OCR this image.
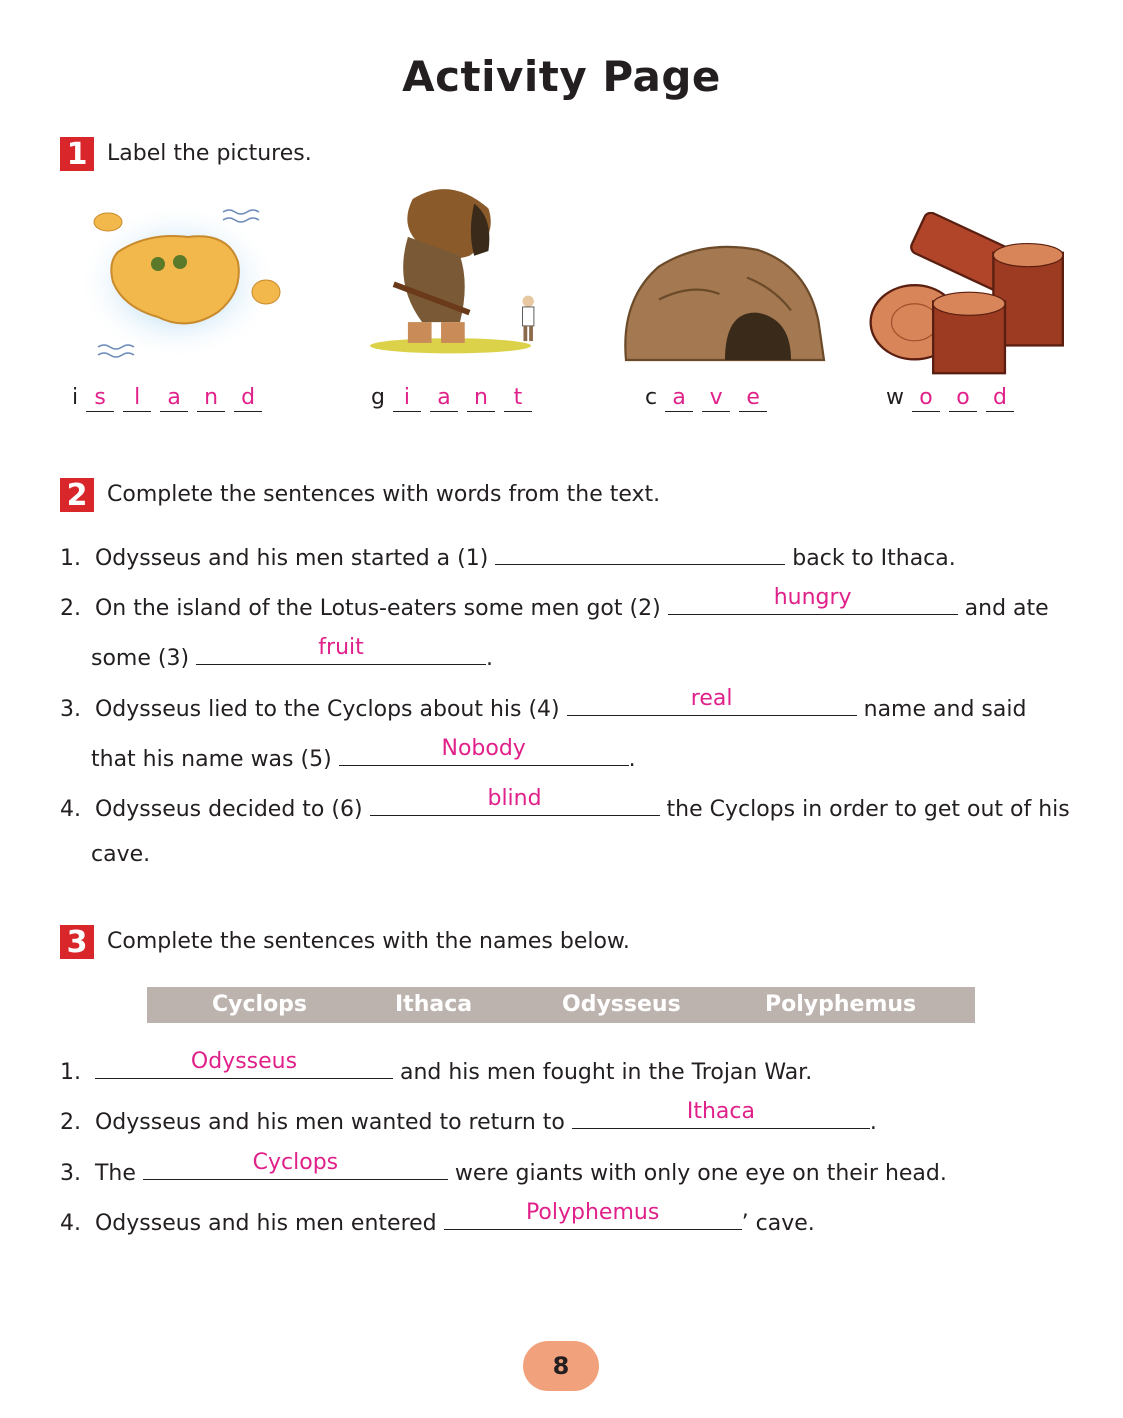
Activity Page
1 Label the pictures.
i s l a n d	g i a n t	c a v e	w o o d
2 Complete the sentences with words from the text.
1.  Odysseus and his men started a (1)	back to Ithaca.
2.  On the island of the Lotus-eaters some men got (2)	hungry	and ate
some (3)	fruit	.
3.  Odysseus lied to the Cyclops about his (4)	real	name and said
that his name was (5)	Nobody	.
4.  Odysseus decided to (6)	blind	the Cyclops in order to get out of his
cave.
3 Complete the sentences with the names below.
Cyclops	Ithaca	Odysseus	Polyphemus
1.	Odysseus	and his men fought in the Trojan War.
2.  Odysseus and his men wanted to return to	Ithaca	.
3.  The	Cyclops	were giants with only one eye on their head.
4.  Odysseus and his men entered	Polyphemus	’ cave.
8
